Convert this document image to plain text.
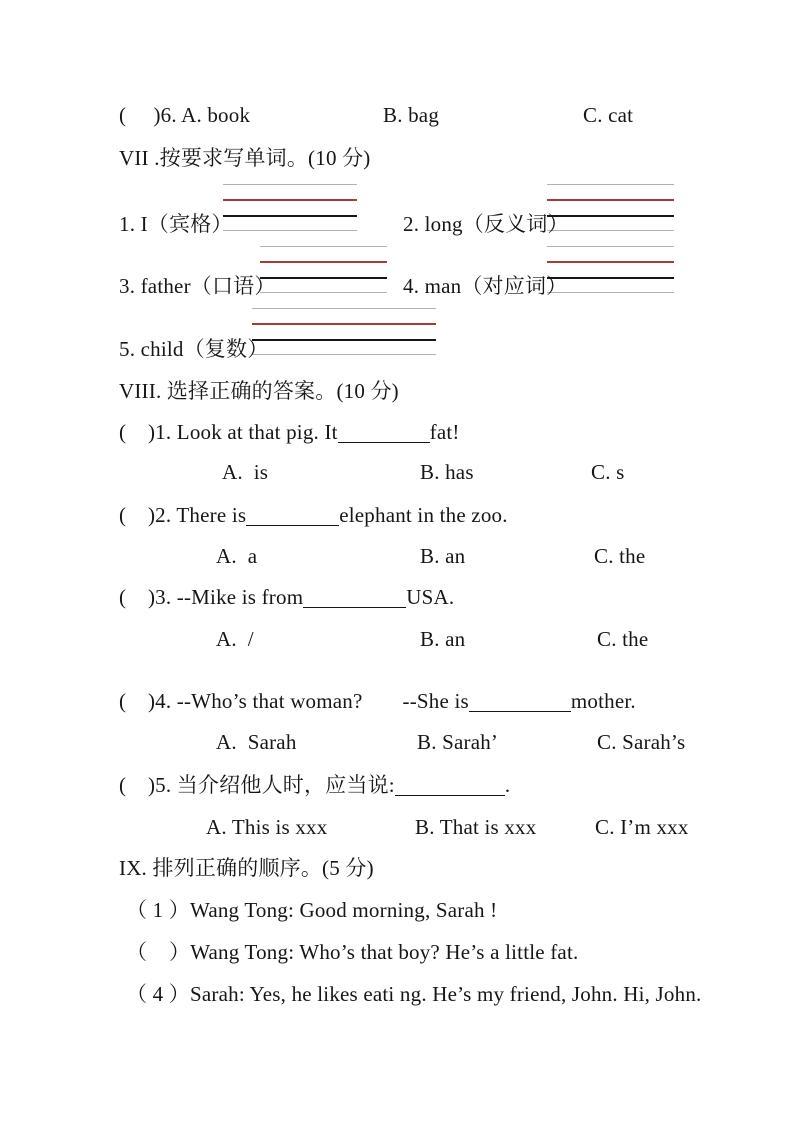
(     )6. A. book	B. bag	C. cat
VII .按要求写单词。(10 分)
1. I（宾格）	2. long（反义词）
3. father（口语）	4. man（对应词）
5. child（复数）
VIII. 选择正确的答案。(10 分)
(    )1. Look at that pig. It	fat!
A.  is	B. has	C. s
(    )2. There is	elephant in the zoo.
A.  a	B. an	C. the
(    )3. --Mike is from	USA.
A.  /	B. an	C. the
(    )4. --Who’s that woman? --She is	mother.
A.  Sarah	B. Sarah’	C. Sarah’s
(    )5. 当介绍他人时，应当说:	.
A. This is xxx	B. That is xxx	C. I’m xxx
IX. 排列正确的顺序。(5 分)
（ 1 ）Wang Tong: Good morning, Sarah !
（    ）Wang Tong: Who’s that boy? He’s a little fat.
（ 4 ）Sarah: Yes, he likes eati ng. He’s my friend, John. Hi, John.
